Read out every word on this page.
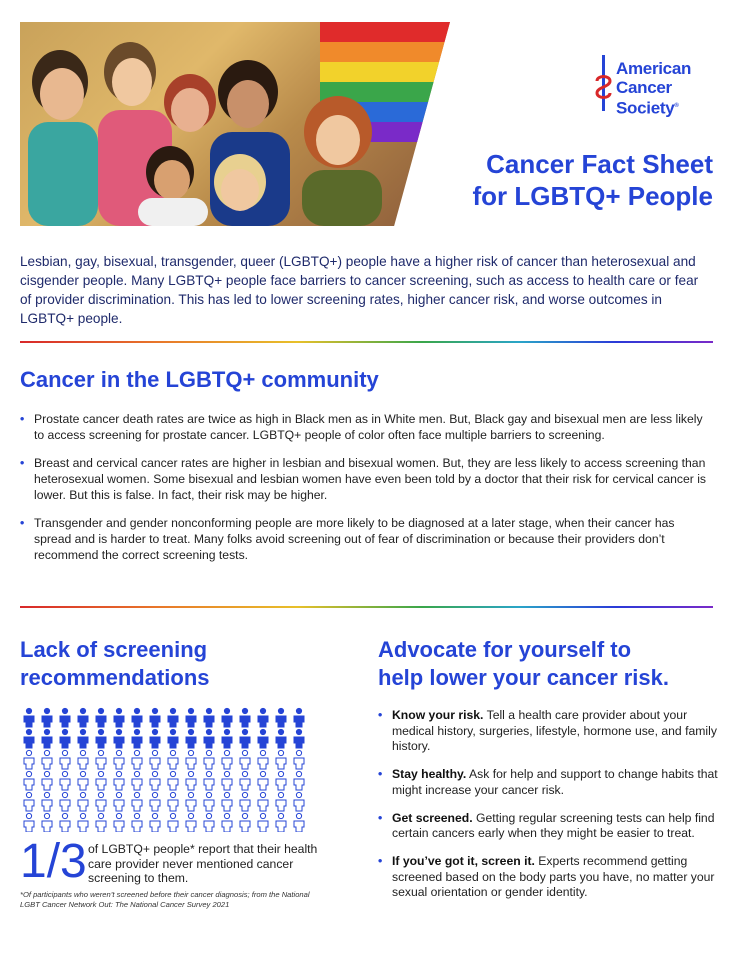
American
Cancer
Society®
Cancer Fact Sheet
for LGBTQ+ People

Lesbian, gay, bisexual, transgender, queer (LGBTQ+) people have a higher risk of cancer than heterosexual and cisgender people. Many LGBTQ+ people face barriers to cancer screening, such as access to health care or fear of provider discrimination. This has led to lower screening rates, higher cancer risk, and worse outcomes in LGBTQ+ people.

Cancer in the LGBTQ+ community
• Prostate cancer death rates are twice as high in Black men as in White men. But, Black gay and bisexual men are less likely to access screening for prostate cancer. LGBTQ+ people of color often face multiple barriers to screening.
• Breast and cervical cancer rates are higher in lesbian and bisexual women. But, they are less likely to access screening than heterosexual women. Some bisexual and lesbian women have even been told by a doctor that their risk for cervical cancer is lower. But this is false. In fact, their risk may be higher.
• Transgender and gender nonconforming people are more likely to be diagnosed at a later stage, when their cancer has spread and is harder to treat. Many folks avoid screening out of fear of discrimination or because their providers don’t recommend the correct screening tests.
Lack of screening
recommendations
1/3 of LGBTQ+ people* report that their health care provider never mentioned cancer screening to them.

*Of participants who weren’t screened before their cancer diagnosis; from the National LGBT Cancer Network Out: The National Cancer Survey 2021

Advocate for yourself to
help lower your cancer risk.
• Know your risk. Tell a health care provider about your medical history, surgeries, lifestyle, hormone use, and family history.
• Stay healthy. Ask for help and support to change habits that might increase your cancer risk.
• Get screened. Getting regular screening tests can help find certain cancers early when they might be easier to treat.
• If you’ve got it, screen it. Experts recommend getting screened based on the body parts you have, no matter your sexual orientation or gender identity.
